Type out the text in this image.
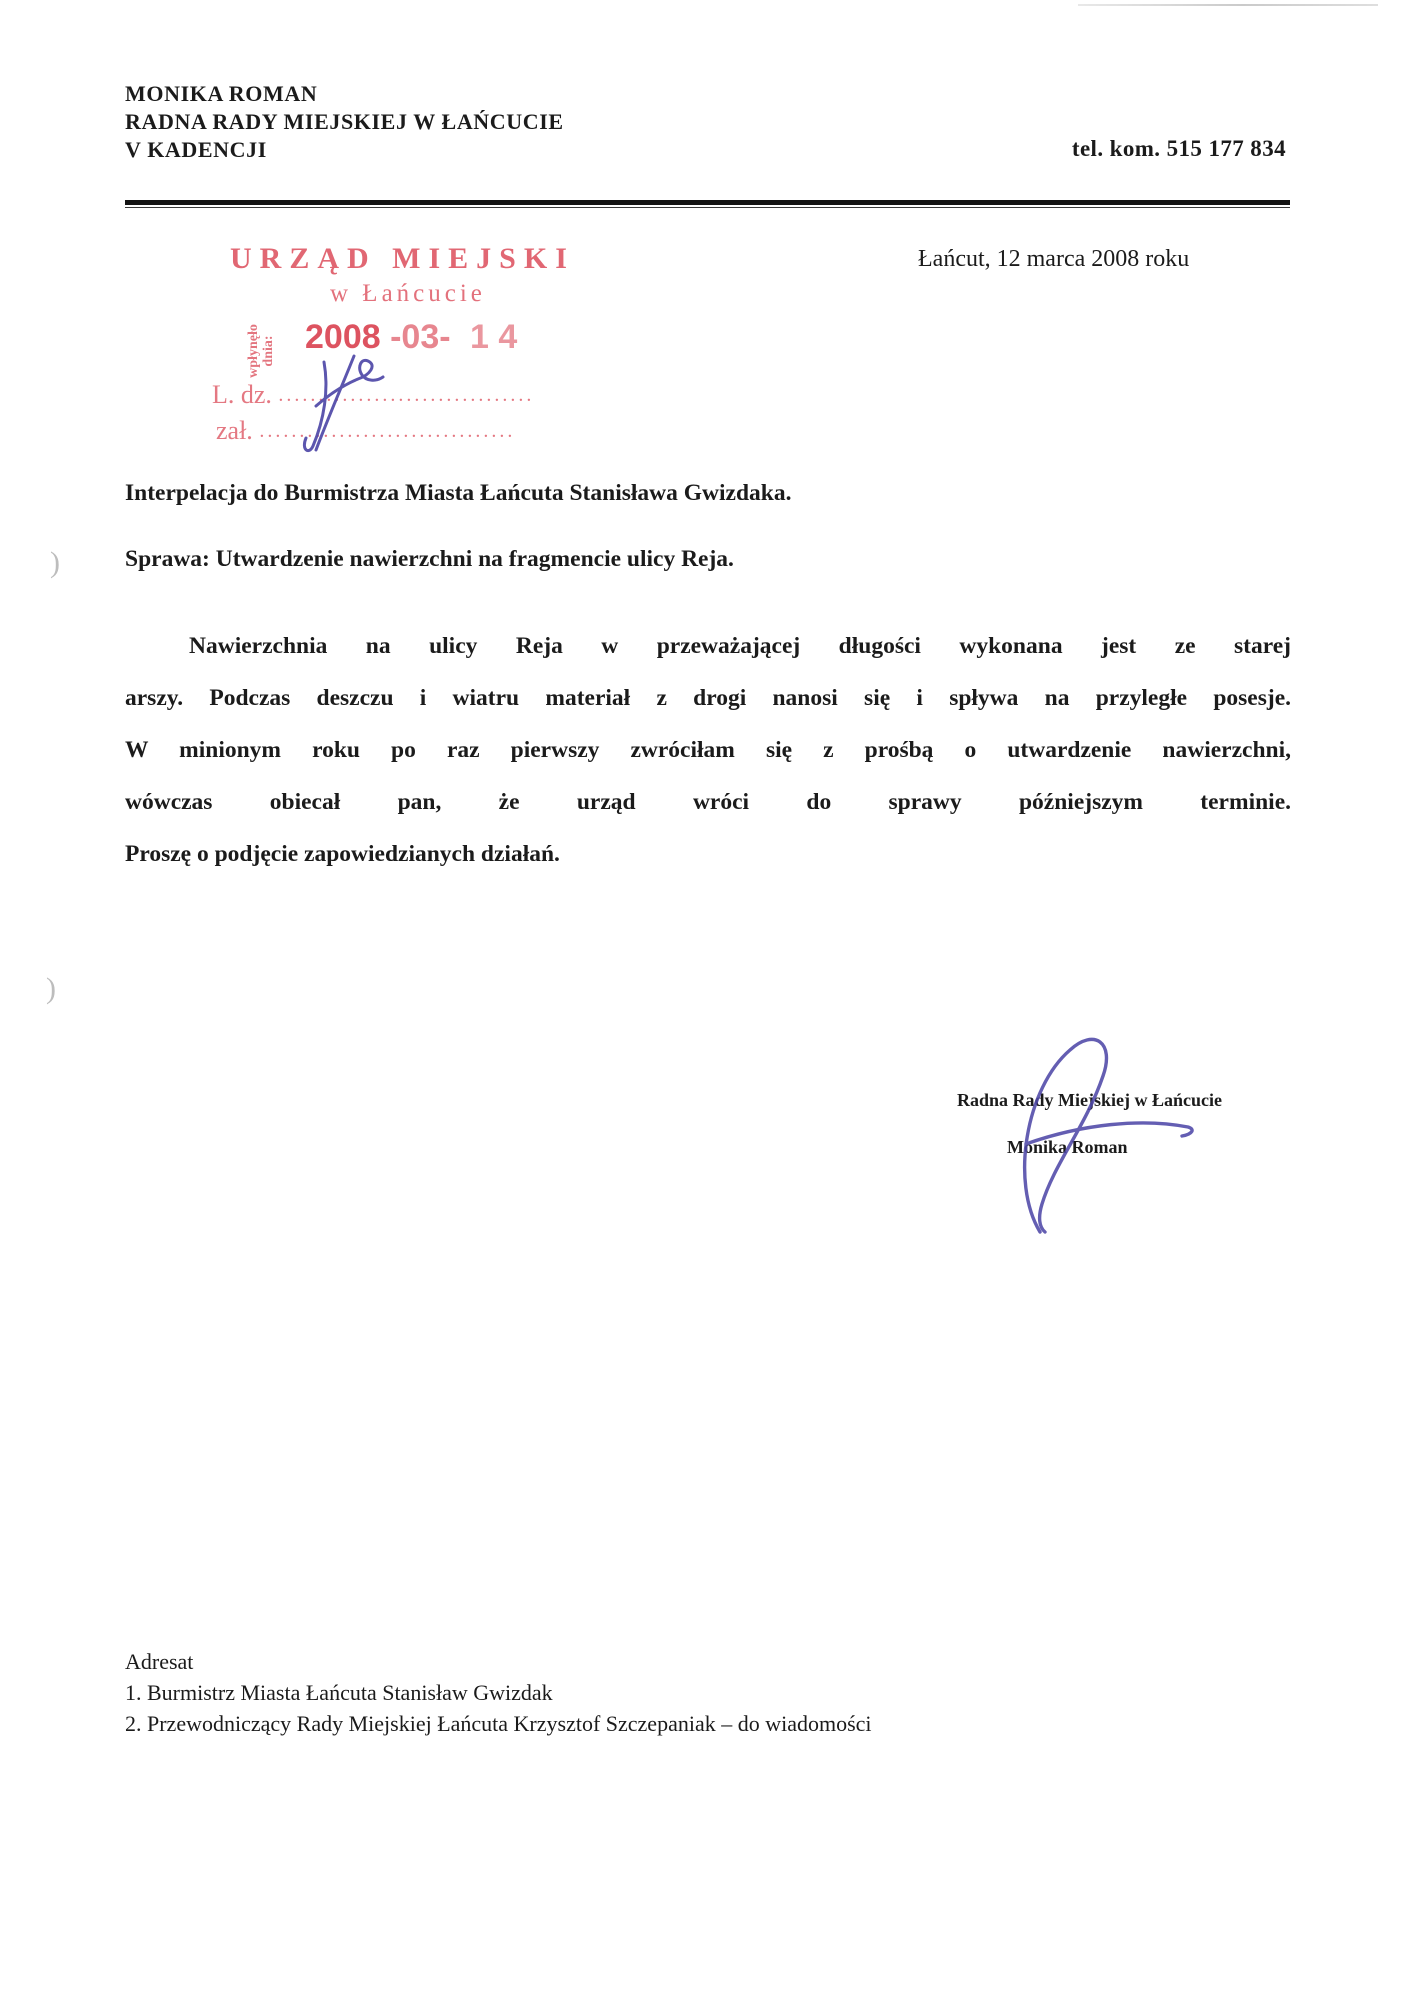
)
)
MONIKA ROMAN
RADNA RADY MIEJSKIEJ W ŁAŃCUCIE
V KADENCJI	tel. kom. 515 177 834
URZĄD MIEJSKI
w Łańcucie
wpłynęło dnia: 2008 -03- 1 4
L. dz. ................................
zał. ................................
Łańcut, 12 marca 2008 roku
Interpelacja do Burmistrza Miasta Łańcuta Stanisława Gwizdaka.
Sprawa: Utwardzenie nawierzchni na fragmencie ulicy Reja.
Nawierzchnia na ulicy Reja w przeważającej długości wykonana jest ze starej
arszy. Podczas deszczu i wiatru materiał z drogi nanosi się i spływa na przyległe posesje.
W minionym roku po raz pierwszy zwróciłam się z prośbą o utwardzenie nawierzchni,
wówczas obiecał pan, że urząd wróci do sprawy późniejszym terminie.
Proszę o podjęcie zapowiedzianych działań.
Radna Rady Miejskiej w Łańcucie
Monika Roman
Adresat
1. Burmistrz Miasta Łańcuta Stanisław Gwizdak
2. Przewodniczący Rady Miejskiej Łańcuta Krzysztof Szczepaniak – do wiadomości
